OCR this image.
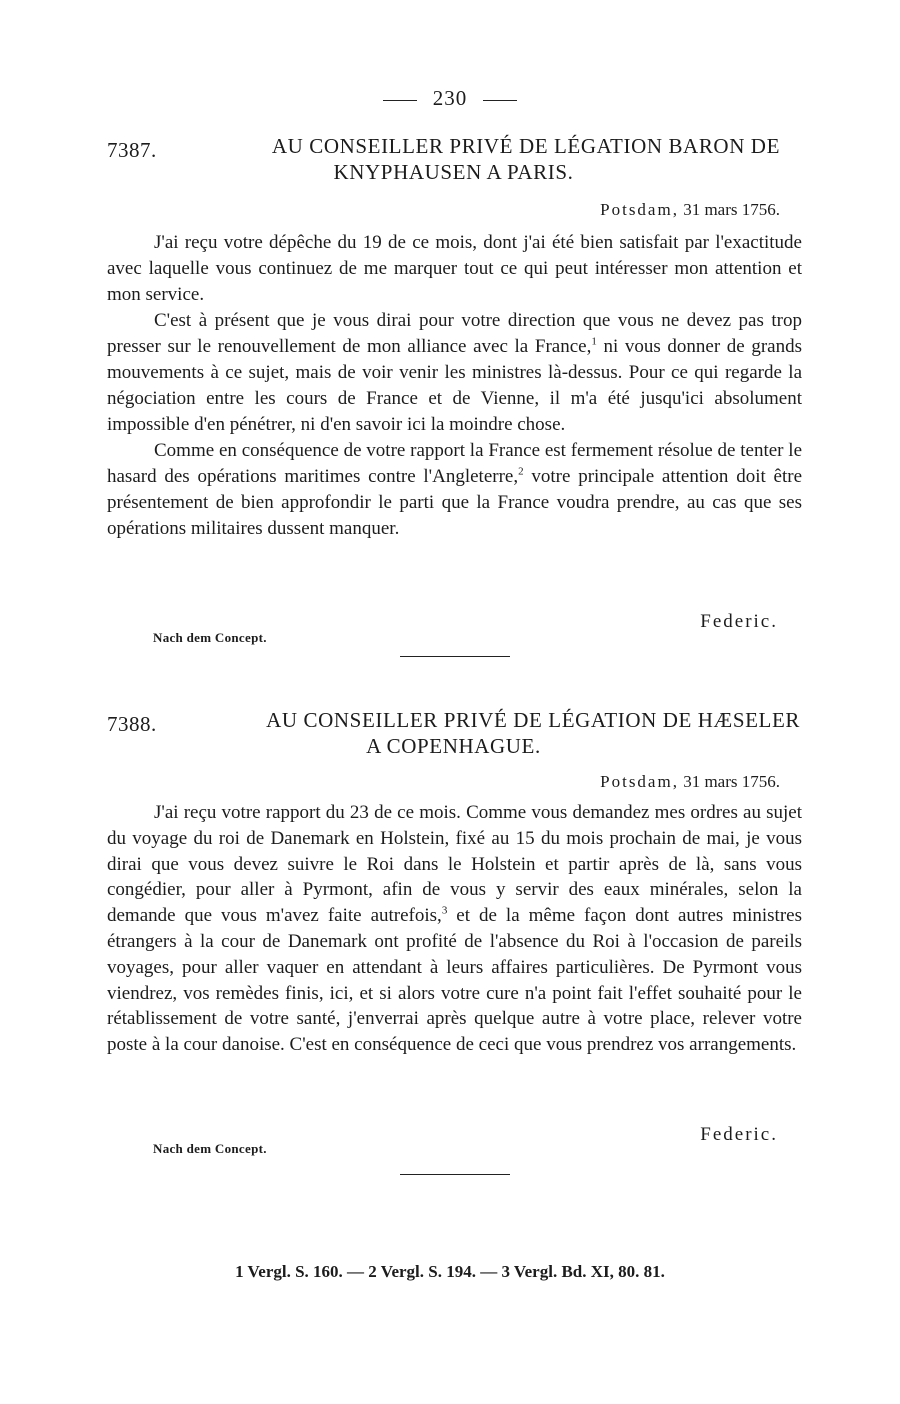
230
7387.	AU CONSEILLER PRIVÉ DE LÉGATION BARON DE
KNYPHAUSEN A PARIS.
Potsdam, 31 mars 1756.

J'ai reçu votre dépêche du 19 de ce mois, dont j'ai été bien satisfait par l'exactitude avec laquelle vous continuez de me marquer tout ce qui peut intéresser mon attention et mon service.

C'est à présent que je vous dirai pour votre direction que vous ne devez pas trop presser sur le renouvellement de mon alliance avec la France,$^1$ ni vous donner de grands mouvements à ce sujet, mais de voir venir les ministres là-dessus. Pour ce qui regarde la négociation entre les cours de France et de Vienne, il m'a été jusqu'ici absolument impossible d'en pénétrer, ni d'en savoir ici la moindre chose.

Comme en conséquence de votre rapport la France est fermement résolue de tenter le hasard des opérations maritimes contre l'Angleterre,$^2$ votre principale attention doit être présentement de bien approfondir le parti que la France voudra prendre, au cas que ses opérations militaires dussent manquer.

Federic.
Nach dem Concept.
7388.	AU CONSEILLER PRIVÉ DE LÉGATION DE HÆSELER
A COPENHAGUE.
Potsdam, 31 mars 1756.

J'ai reçu votre rapport du 23 de ce mois. Comme vous demandez mes ordres au sujet du voyage du roi de Danemark en Holstein, fixé au 15 du mois prochain de mai, je vous dirai que vous devez suivre le Roi dans le Holstein et partir après de là, sans vous congédier, pour aller à Pyrmont, afin de vous y servir des eaux minérales, selon la demande que vous m'avez faite autrefois,$^3$ et de la même façon dont autres ministres étrangers à la cour de Danemark ont profité de l'absence du Roi à l'occasion de pareils voyages, pour aller vaquer en attendant à leurs affaires particulières. De Pyrmont vous viendrez, vos remèdes finis, ici, et si alors votre cure n'a point fait l'effet souhaité pour le rétablissement de votre santé, j'enverrai après quelque autre à votre place, relever votre poste à la cour danoise. C'est en conséquence de ceci que vous prendrez vos arrangements.

Federic.
Nach dem Concept.
1 Vergl. S. 160. — 2 Vergl. S. 194. — 3 Vergl. Bd. XI, 80. 81.
